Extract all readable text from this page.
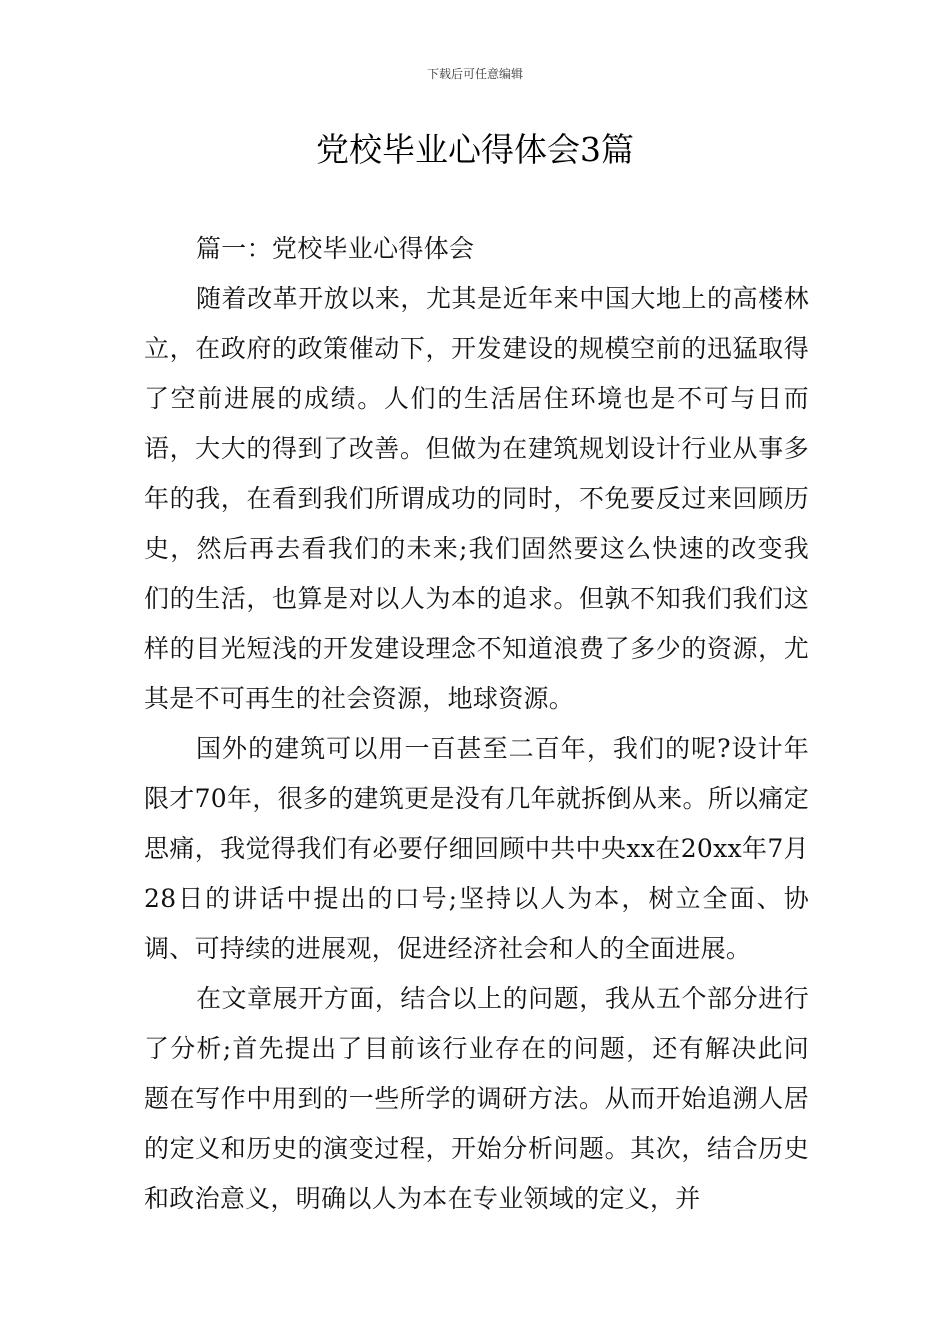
下载后可任意编辑
党校毕业心得体会3篇

篇一：党校毕业心得体会

随着改革开放以来，尤其是近年来中国大地上的高楼林立，在政府的政策催动下，开发建设的规模空前的迅猛取得了空前进展的成绩。人们的生活居住环境也是不可与日而语，大大的得到了改善。但做为在建筑规划设计行业从事多年的我，在看到我们所谓成功的同时，不免要反过来回顾历史，然后再去看我们的未来;我们固然要这么快速的改变我们的生活，也算是对以人为本的追求。但孰不知我们我们这样的目光短浅的开发建设理念不知道浪费了多少的资源，尤其是不可再生的社会资源，地球资源。

国外的建筑可以用一百甚至二百年，我们的呢?设计年限才70年，很多的建筑更是没有几年就拆倒从来。所以痛定思痛，我觉得我们有必要仔细回顾中共中央xx在20xx年7月28日的讲话中提出的口号;坚持以人为本，树立全面、协调、可持续的进展观，促进经济社会和人的全面进展。

在文章展开方面，结合以上的问题，我从五个部分进行了分析;首先提出了目前该行业存在的问题，还有解决此问题在写作中用到的一些所学的调研方法。从而开始追溯人居的定义和历史的演变过程，开始分析问题。其次，结合历史和政治意义，明确以人为本在专业领域的定义，并
